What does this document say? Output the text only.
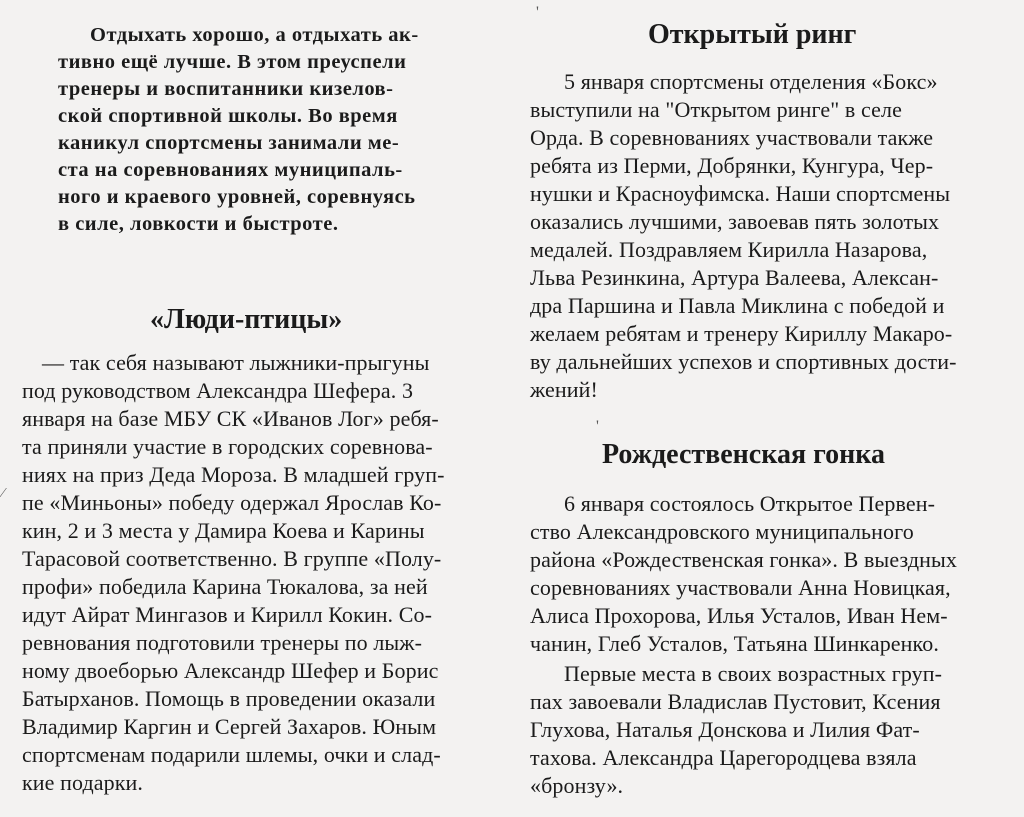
Отдыхать хорошо, а отдыхать ак-
тивно ещё лучше. В этом преуспели
тренеры и воспитанники кизелов-
ской спортивной школы. Во время
каникул спортсмены занимали ме-
ста на соревнованиях муниципаль-
ного и краевого уровней, соревнуясь
в силе, ловкости и быстроте.
«Люди-птицы»
— так себя называют лыжники-прыгуны
под руководством Александра Шефера. 3
января на базе МБУ СК «Иванов Лог» ребя-
та приняли участие в городских соревнова-
ниях на приз Деда Мороза. В младшей груп-
пе «Миньоны» победу одержал Ярослав Ко-
кин, 2 и 3 места у Дамира Коева и Карины
Тарасовой соответственно. В группе «Полу-
профи» победила Карина Тюкалова, за ней
идут Айрат Мингазов и Кирилл Кокин. Со-
ревнования подготовили тренеры по лыж-
ному двоеборью Александр Шефер и Борис
Батырханов. Помощь в проведении оказали
Владимир Каргин и Сергей Захаров. Юным
спортсменам подарили шлемы, очки и слад-
кие подарки.
Открытый ринг
5 января спортсмены отделения «Бокс»
выступили на "Открытом ринге" в селе
Орда. В соревнованиях участвовали также
ребята из Перми, Добрянки, Кунгура, Чер-
нушки и Красноуфимска. Наши спортсмены
оказались лучшими, завоевав пять золотых
медалей. Поздравляем Кирилла Назарова,
Льва Резинкина, Артура Валеева, Алексан-
дра Паршина и Павла Миклина с победой и
желаем ребятам и тренеру Кириллу Макаро-
ву дальнейших успехов и спортивных дости-
жений!
Рождественская гонка
6 января состоялось Открытое Первен-
ство Александровского муниципального
района «Рождественская гонка». В выездных
соревнованиях участвовали Анна Новицкая,
Алиса Прохорова, Илья Усталов, Иван Нем-
чанин, Глеб Усталов, Татьяна Шинкаренко.
Первые места в своих возрастных груп-
пах завоевали Владислав Пустовит, Ксения
Глухова, Наталья Донскова и Лилия Фат-
тахова. Александра Царегородцева взяла
«бронзу».
'
'
⁄
